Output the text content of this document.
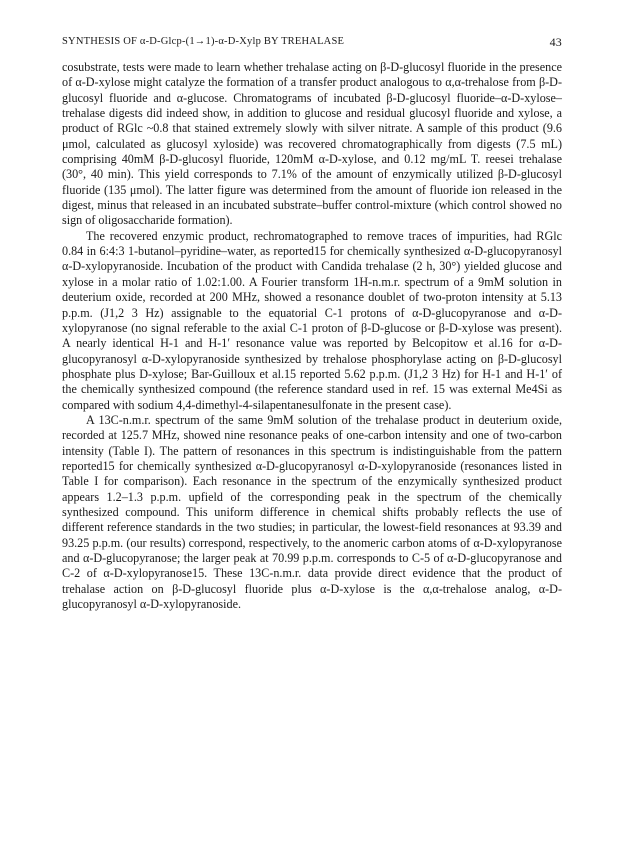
SYNTHESIS OF α-D-Glcp-(1→1)-α-D-Xylp BY TREHALASE	43

cosubstrate, tests were made to learn whether trehalase acting on β-D-glucosyl fluoride in the presence of α-D-xylose might catalyze the formation of a transfer product analogous to α,α-trehalose from β-D-glucosyl fluoride and α-glucose. Chromatograms of incubated β-D-glucosyl fluoride–α-D-xylose–trehalase digests did indeed show, in addition to glucose and residual glucosyl fluoride and xylose, a product of RGlc ~0.8 that stained extremely slowly with silver nitrate. A sample of this product (9.6 μmol, calculated as glucosyl xyloside) was recovered chromatographically from digests (7.5 mL) comprising 40mM β-D-glucosyl fluoride, 120mM α-D-xylose, and 0.12 mg/mL T. reesei trehalase (30°, 40 min). This yield corresponds to 7.1% of the amount of enzymically utilized β-D-glucosyl fluoride (135 μmol). The latter figure was determined from the amount of fluoride ion released in the digest, minus that released in an incubated substrate–buffer control-mixture (which control showed no sign of oligosaccharide formation).

The recovered enzymic product, rechromatographed to remove traces of impurities, had RGlc 0.84 in 6:4:3 1-butanol–pyridine–water, as reported15 for chemically synthesized α-D-glucopyranosyl α-D-xylopyranoside. Incubation of the product with Candida trehalase (2 h, 30°) yielded glucose and xylose in a molar ratio of 1.02:1.00. A Fourier transform 1H-n.m.r. spectrum of a 9mM solution in deuterium oxide, recorded at 200 MHz, showed a resonance doublet of two-proton intensity at 5.13 p.p.m. (J1,2 3 Hz) assignable to the equatorial C-1 protons of α-D-glucopyranose and α-D-xylopyranose (no signal referable to the axial C-1 proton of β-D-glucose or β-D-xylose was present). A nearly identical H-1 and H-1′ resonance value was reported by Belcopitow et al.16 for α-D-glucopyranosyl α-D-xylopyranoside synthesized by trehalose phosphorylase acting on β-D-glucosyl phosphate plus D-xylose; Bar-Guilloux et al.15 reported 5.62 p.p.m. (J1,2 3 Hz) for H-1 and H-1′ of the chemically synthesized compound (the reference standard used in ref. 15 was external Me4Si as compared with sodium 4,4-dimethyl-4-silapentanesulfonate in the present case).

A 13C-n.m.r. spectrum of the same 9mM solution of the trehalase product in deuterium oxide, recorded at 125.7 MHz, showed nine resonance peaks of one-carbon intensity and one of two-carbon intensity (Table I). The pattern of resonances in this spectrum is indistinguishable from the pattern reported15 for chemically synthesized α-D-glucopyranosyl α-D-xylopyranoside (resonances listed in Table I for comparison). Each resonance in the spectrum of the enzymically synthesized product appears 1.2–1.3 p.p.m. upfield of the corresponding peak in the spectrum of the chemically synthesized compound. This uniform difference in chemical shifts probably reflects the use of different reference standards in the two studies; in particular, the lowest-field resonances at 93.39 and 93.25 p.p.m. (our results) correspond, respectively, to the anomeric carbon atoms of α-D-xylopyranose and α-D-glucopyranose; the larger peak at 70.99 p.p.m. corresponds to C-5 of α-D-glucopyranose and C-2 of α-D-xylopyranose15. These 13C-n.m.r. data provide direct evidence that the product of trehalase action on β-D-glucosyl fluoride plus α-D-xylose is the α,α-trehalose analog, α-D-glucopyranosyl α-D-xylopyranoside.
